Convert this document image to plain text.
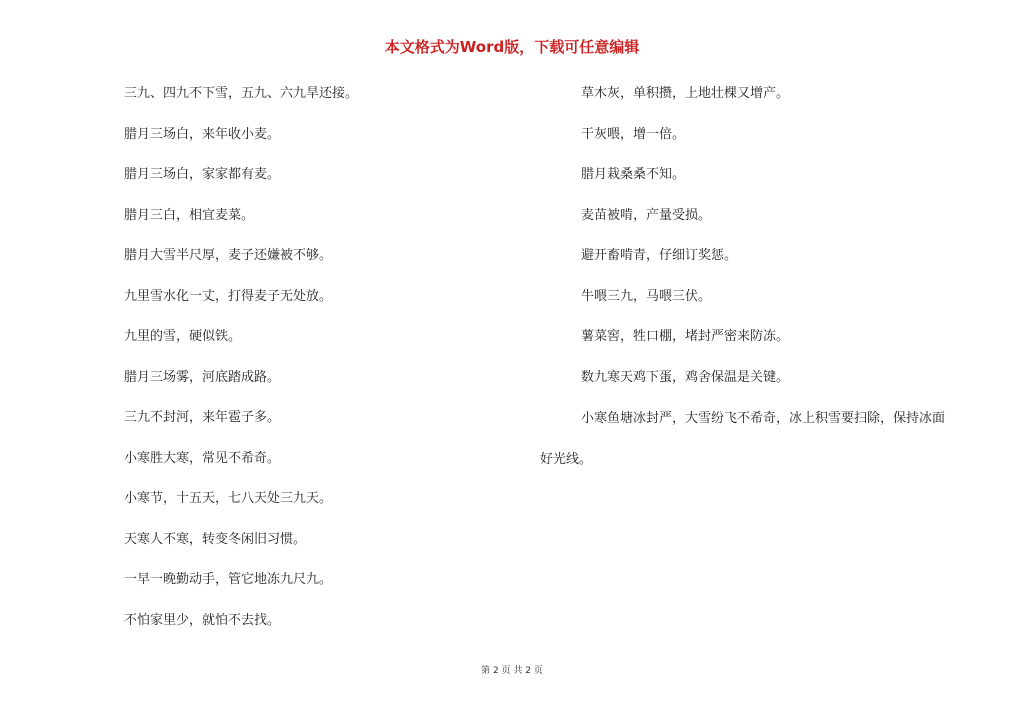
本文格式为Word版，下载可任意编辑
三九、四九不下雪，五九、六九旱还接。
腊月三场白，来年收小麦。
腊月三场白，家家都有麦。
腊月三白，相宜麦菜。
腊月大雪半尺厚，麦子还嫌被不够。
九里雪水化一丈，打得麦子无处放。
九里的雪，硬似铁。
腊月三场雾，河底踏成路。
三九不封河，来年雹子多。
小寒胜大寒，常见不希奇。
小寒节，十五天，七八天处三九天。
天寒人不寒，转变冬闲旧习惯。
一早一晚勤动手，管它地冻九尺九。
不怕家里少，就怕不去找。
草木灰，单积攒，上地壮棵又增产。
干灰喂，增一倍。
腊月栽桑桑不知。
麦苗被啃，产量受损。
避开畜啃青，仔细订奖惩。
牛喂三九，马喂三伏。
薯菜窖，牲口棚，堵封严密来防冻。
数九寒天鸡下蛋，鸡舍保温是关键。
小寒鱼塘冰封严，大雪纷飞不希奇，冰上积雪要扫除，保持冰面好光线。
第 2 页 共 2 页
